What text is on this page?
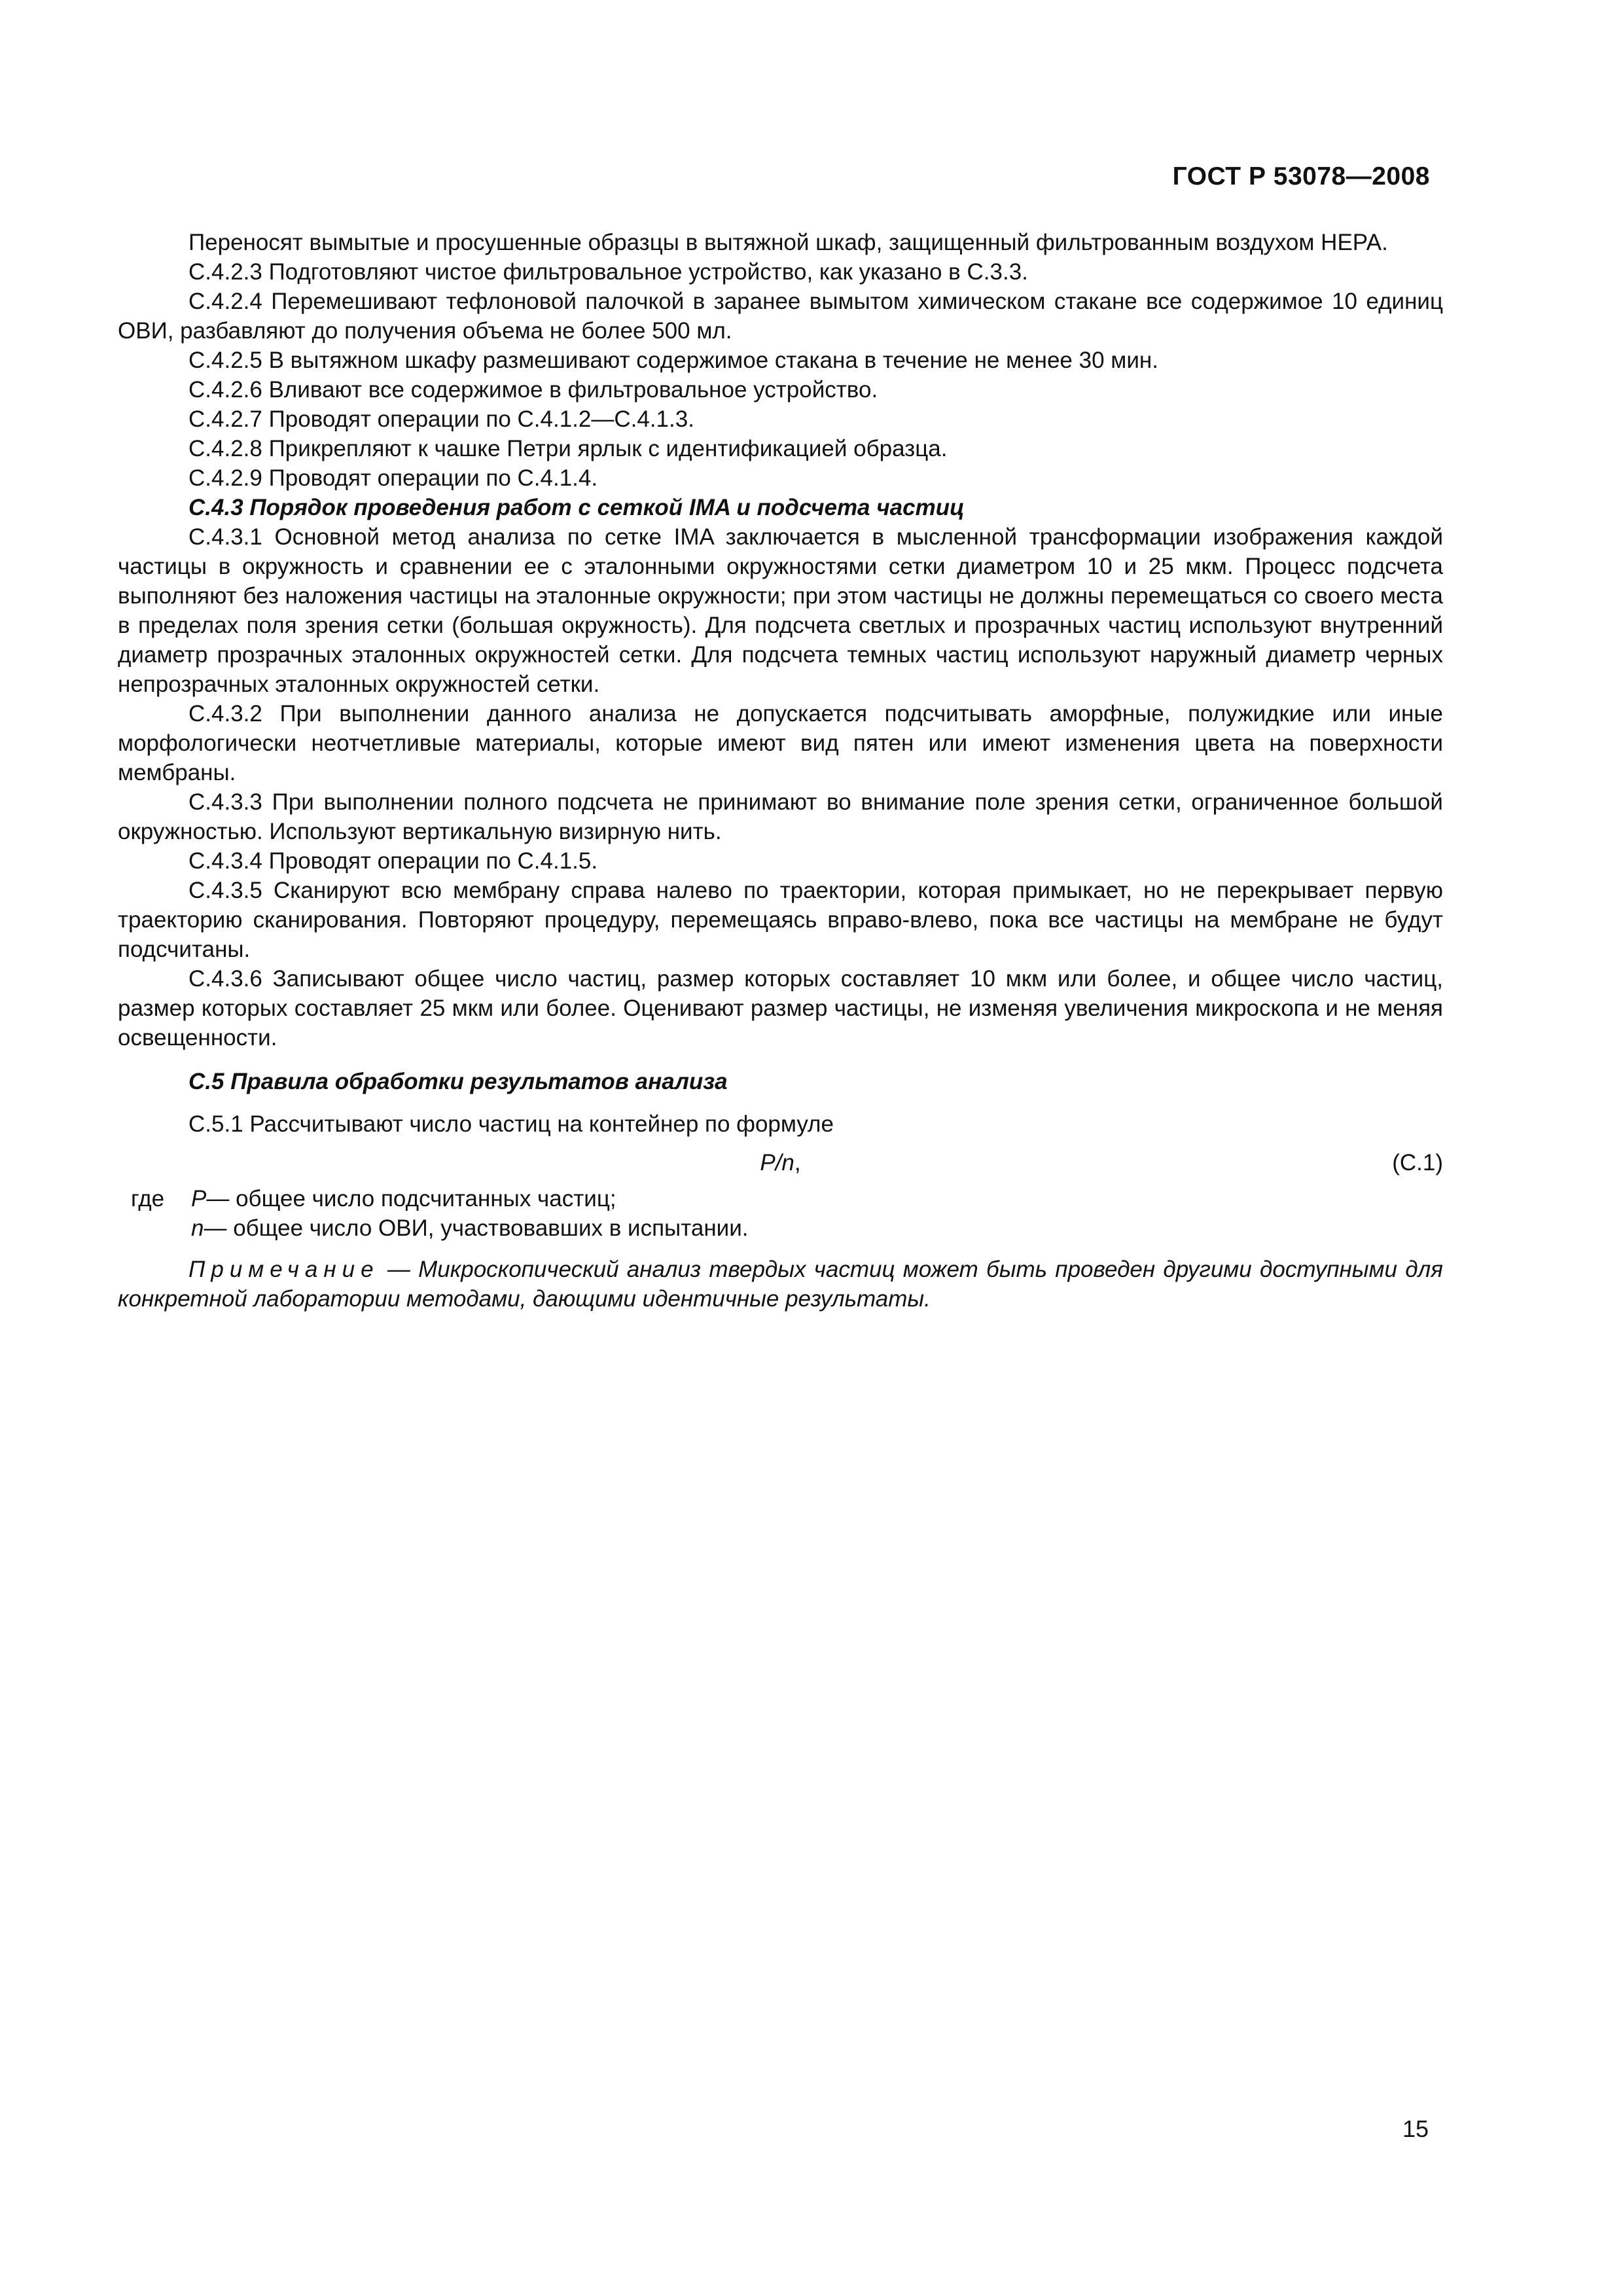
ГОСТ Р 53078—2008

Переносят вымытые и просушенные образцы в вытяжной шкаф, защищенный фильтрованным воздухом НЕРА.

С.4.2.3 Подготовляют чистое фильтровальное устройство, как указано в С.3.3.

С.4.2.4 Перемешивают тефлоновой палочкой в заранее вымытом химическом стакане все содержимое 10 единиц ОВИ, разбавляют до получения объема не более 500 мл.

С.4.2.5 В вытяжном шкафу размешивают содержимое стакана в течение не менее 30 мин.

С.4.2.6 Вливают все содержимое в фильтровальное устройство.

С.4.2.7 Проводят операции по С.4.1.2—С.4.1.3.

С.4.2.8 Прикрепляют к чашке Петри ярлык с идентификацией образца.

С.4.2.9 Проводят операции по С.4.1.4.

С.4.3 Порядок проведения работ с сеткой IMA и подсчета частиц

С.4.3.1 Основной метод анализа по сетке IMA заключается в мысленной трансформации изображения каждой частицы в окружность и сравнении ее с эталонными окружностями сетки диаметром 10 и 25 мкм. Процесс подсчета выполняют без наложения частицы на эталонные окружности; при этом частицы не должны перемещаться со своего места в пределах поля зрения сетки (большая окружность). Для подсчета светлых и прозрачных частиц используют внутренний диаметр прозрачных эталонных окружностей сетки. Для подсчета темных частиц используют наружный диаметр черных непрозрачных эталонных окружностей сетки.

С.4.3.2 При выполнении данного анализа не допускается подсчитывать аморфные, полужидкие или иные морфологически неотчетливые материалы, которые имеют вид пятен или имеют изменения цвета на поверхности мембраны.

С.4.3.3 При выполнении полного подсчета не принимают во внимание поле зрения сетки, ограниченное большой окружностью. Используют вертикальную визирную нить.

С.4.3.4 Проводят операции по С.4.1.5.

С.4.3.5 Сканируют всю мембрану справа налево по траектории, которая примыкает, но не перекрывает первую траекторию сканирования. Повторяют процедуру, перемещаясь вправо-влево, пока все частицы на мембране не будут подсчитаны.

С.4.3.6 Записывают общее число частиц, размер которых составляет 10 мкм или более, и общее число частиц, размер которых составляет 25 мкм или более. Оценивают размер частицы, не изменяя увеличения микроскопа и не меняя освещенности.

С.5 Правила обработки результатов анализа

С.5.1 Рассчитывают число частиц на контейнер по формуле

P/n,	(С.1)
где	P — общее число подсчитанных частиц;
n — общее число ОВИ, участвовавших в испытании.

Примечание — Микроскопический анализ твердых частиц может быть проведен другими доступными для конкретной лаборатории методами, дающими идентичные результаты.

15
